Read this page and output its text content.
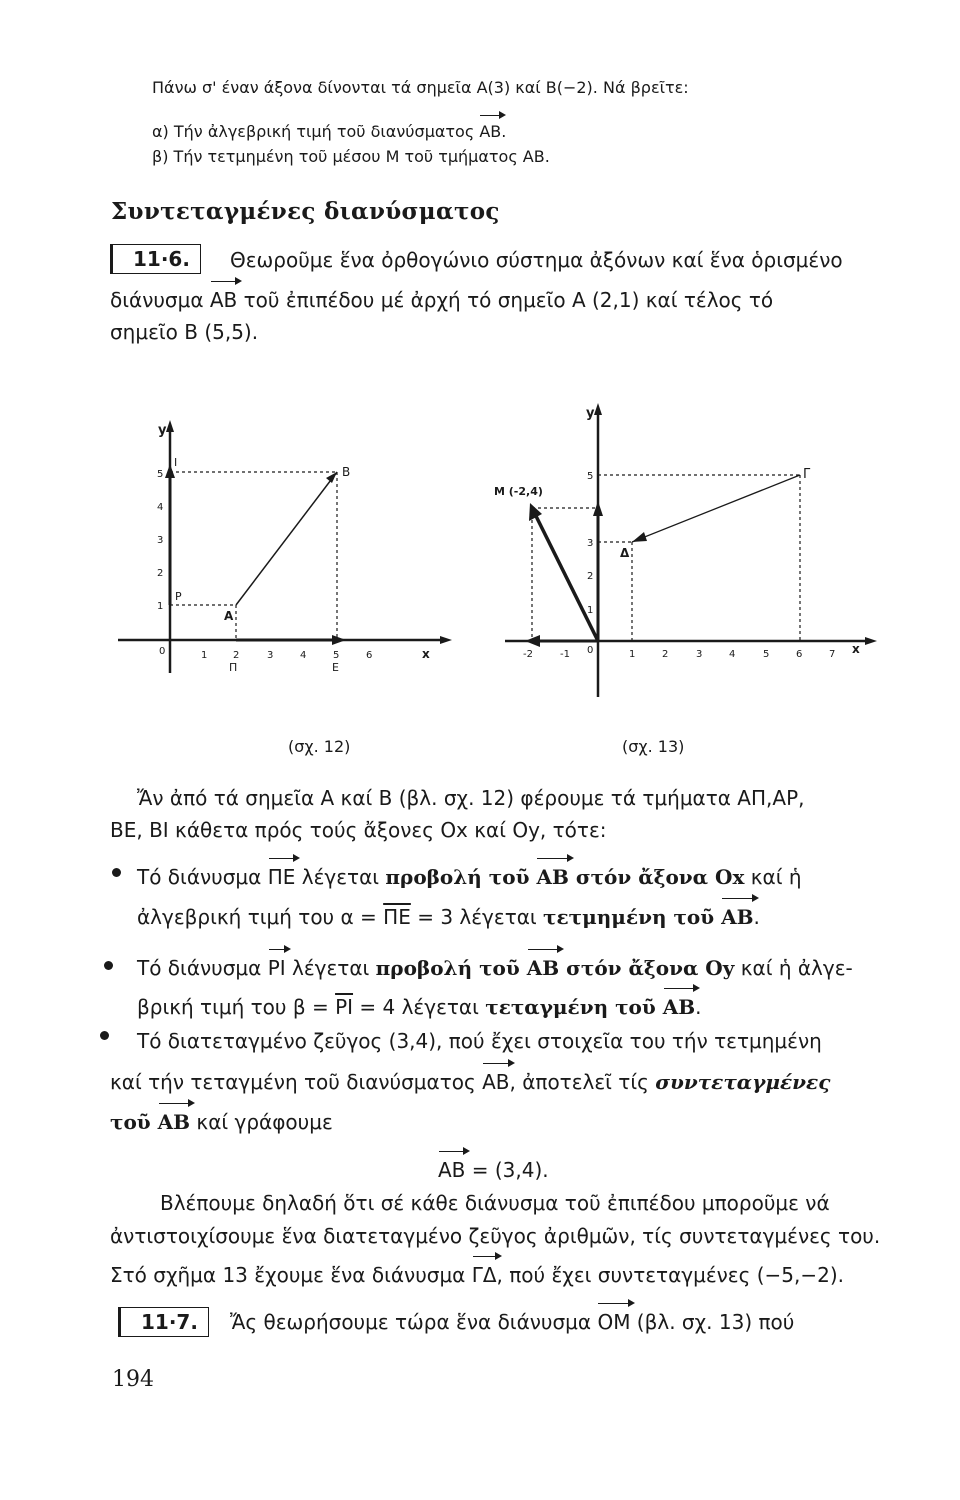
Πάνω σ' έναν άξονα δίνονται τά σημεῖα Α(3) καί Β(−2). Νά βρεῖτε:
α) Τήν ἀλγεβρική τιμή τοῦ διανύσματος ΑΒ.
β) Τήν τετμημένη τοῦ μέσου Μ τοῦ τμήματος ΑΒ.
Συντεταγμένες διανύσματος
11·6.	Θεωροῦμε ἕνα ὀρθογώνιο σύστημα ἀξόνων καί ἕνα ὁρισμένο
διάνυσμα ΑΒ τοῦ ἐπιπέδου μέ ἀρχή τό σημεῖο Α (2,1) καί τέλος τό
σημεῖο Β (5,5).
y
x
0	1	2	3	4	5	6
1
2
3
4
5
Ι
Β
Ρ
Α
Π	Ε
y
x
-2	-1 0	1	2	3	4	5	6	7
1
2
3
5
Μ (-2,4)
Γ
Δ
(σχ. 12)	(σχ. 13)
Ἄν ἀπό τά σημεῖα Α καί Β (βλ. σχ. 12) φέρουμε τά τμήματα ΑΠ,ΑΡ,
ΒΕ, ΒΙ κάθετα πρός τούς ἄξονες Οx καί Οy, τότε:
Τό διάνυσμα ΠΕ λέγεται προβολή τοῦ ΑΒ στόν ἄξονα Οx καί ἡ
ἀλγεβρική τιμή του $\alpha = \overline{\Pi E} = 3$ λέγεται τετμημένη τοῦ ΑΒ.
Τό διάνυσμα ΡΙ λέγεται προβολή τοῦ ΑΒ στόν ἄξονα Οy καί ἡ ἀλγε-
βρική τιμή του $\beta = \overline{PI} = 4$ λέγεται τεταγμένη τοῦ ΑΒ.
Τό διατεταγμένο ζεῦγος (3,4), πού ἔχει στοιχεῖα του τήν τετμημένη
καί τήν τεταγμένη τοῦ διανύσματος ΑΒ, ἀποτελεῖ τίς συντεταγμένες
τοῦ ΑΒ καί γράφουμε
ΑΒ = (3,4).
Βλέπουμε δηλαδή ὅτι σέ κάθε διάνυσμα τοῦ ἐπιπέδου μποροῦμε νά
ἀντιστοιχίσουμε ἕνα διατεταγμένο ζεῦγος ἀριθμῶν, τίς συντεταγμένες του.
Στό σχῆμα 13 ἔχουμε ἕνα διάνυσμα ΓΔ, πού ἔχει συντεταγμένες (−5,−2).
11·7.	Ἄς θεωρήσουμε τώρα ἕνα διάνυσμα ΟΜ (βλ. σχ. 13) πού
194
